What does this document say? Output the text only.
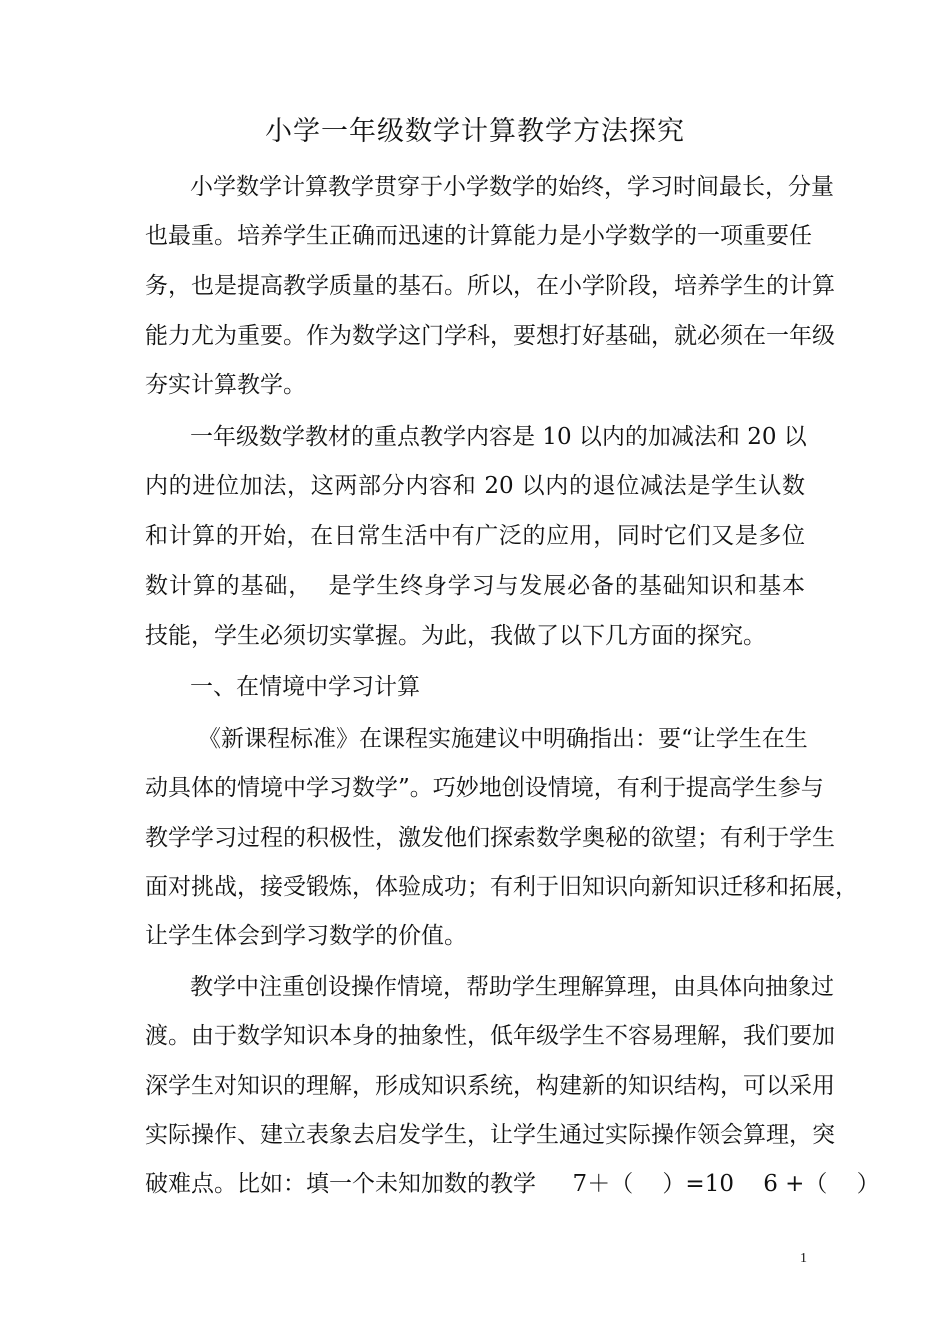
小学一年级数学计算教学方法探究
小学数学计算教学贯穿于小学数学的始终，学习时间最长，分量
也最重。培养学生正确而迅速的计算能力是小学数学的一项重要任
务，也是提高教学质量的基石。所以，在小学阶段，培养学生的计算
能力尤为重要。作为数学这门学科，要想打好基础，就必须在一年级
夯实计算教学。
一年级数学教材的重点教学内容是 10 以内的加减法和 20 以
内的进位加法，这两部分内容和 20 以内的退位减法是学生认数
和计算的开始，在日常生活中有广泛的应用，同时它们又是多位
数计算的基础，  是学生终身学习与发展必备的基础知识和基本
技能，学生必须切实掌握。为此，我做了以下几方面的探究。
一、在情境中学习计算
《新课程标准》在课程实施建议中明确指出：要“让学生在生
动具体的情境中学习数学”。巧妙地创设情境，有利于提高学生参与
教学学习过程的积极性，激发他们探索数学奥秘的欲望；有利于学生
面对挑战，接受锻炼，体验成功；有利于旧知识向新知识迁移和拓展，
让学生体会到学习数学的价值。
教学中注重创设操作情境，帮助学生理解算理，由具体向抽象过
渡。由于数学知识本身的抽象性，低年级学生不容易理解，我们要加
深学生对知识的理解，形成知识系统，构建新的知识结构，可以采用
实际操作、建立表象去启发学生，让学生通过实际操作领会算理，突
破难点。比如：填一个未知加数的教学     7＋（    ）=10    6 +（    ）
1
